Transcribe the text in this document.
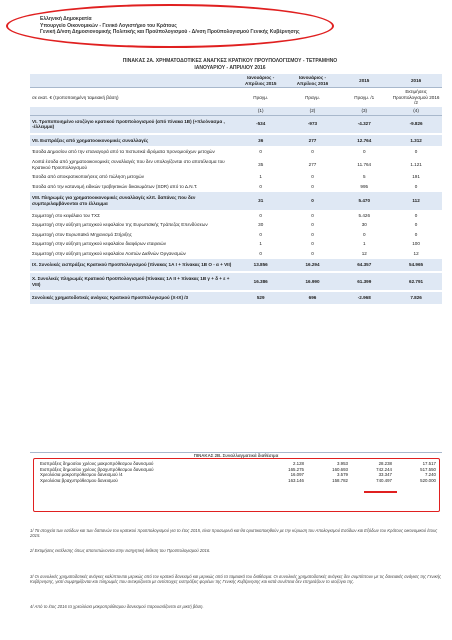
Ελληνική Δημοκρατία
Υπουργείο Οικονομικών - Γενικό Λογιστήριο του Κράτους
Γενική Δ/νση Δημοσιονομικής Πολιτικής και Προϋπολογισμού - Δ/νση Προϋπολογισμού Γενικής Κυβέρνησης
ΠΙΝΑΚΑΣ 2Α. ΧΡΗΜΑΤΟΔΟΤΙΚΕΣ ΑΝΑΓΚΕΣ ΚΡΑΤΙΚΟΥ ΠΡΟΥΠΟΛΟΓΙΣΜΟΥ - ΤΕΤΡΑΜΗΝΟ
ΙΑΝΟΥΑΡΙΟΥ - ΑΠΡΙΛΙΟΥ 2016
	Ιανουάριος - Απρίλιος 2015	Ιανουάριος - Απρίλιος 2016	2015	2016
σε εκατ. € (τροποποιημένη ταμειακή βάση)	Πραγμ.	Πραγμ.	Πραγμ. /1	Εκτιμήσεις Προϋπολογισμού 2016 /2
	(1)	(2)	(3)	(4)
VI. Τροποποιημένο ισοζύγιο κρατικού προϋπολογισμού (από πίνακα 1Β) (+πλεόνασμα , -έλλειμμα)	-534	-973	-4.327	-9.826

VII. Εισπράξεις από χρηματοοικονομικές συναλλαγές	36	277	12.764	1.312

Έσοδα Δημοσίου από την επαναγορά από τα πιστωτικά ιδρύματα προνομιούχων μετοχών	0	0	0	0

Λοιπά έσοδα από χρηματοοικονομικές συναλλαγές που δεν υπολογίζονται στο αποτέλεσμα του Κρατικού Προϋπολογισμού	35	277	11.764	1.121

Έσοδα από αποκρατικοποιήσεις από πώληση μετοχών	1	0	5	191

Έσοδα από την κατανομή ειδικών τραβηκτικών δικαιωμάτων (SDR) από το Δ.Ν.Τ.	0	0	995	0

VIII. Πληρωμές για χρηματοοικονομικές συναλλαγές κλπ. δαπάνες που δεν συμπεριλαμβάνονται στο έλλειμμα	31	0	5.470	112

Συμμετοχή στο κεφάλαιο του ΤΧΣ	0	0	5.426	0

Συμμετοχή στην αύξηση μετοχικού κεφαλαίου της Ευρωπαϊκής Τράπεζας Επενδύσεων	30	0	30	0

Συμμετοχή στον Ευρωπαϊκό Μηχανισμό Στήριξης	0	0	0	0

Συμμετοχή στην αύξηση μετοχικού κεφαλαίου διαφόρων εταιρειών	1	0	1	100

Συμμετοχή στην αύξηση μετοχικού κεφαλαίου Λοιπών Διεθνών Οργανισμών	0	0	12	12

IX. Συνολικές εισπράξεις Κρατικού Προϋπολογισμού (πίνακας 1Α Ι + πίνακας 1Β Ο - α + VII)	13.856	16.294	64.357	54.965

Χ. Συνολικές πληρωμές Κρατικού Προϋπολογισμού (πίνακας 1Α ΙΙ + πίνακας 1Β γ + δ + ε + VIII)	16.386	16.990	61.399	62.791

Συνολικές χρηματοδοτικές ανάγκες Κρατικού Προϋπολογισμού (Χ-ΙΧ) /3	529	696	-2.968	7.826

ΠΙΝΑΚΑΣ 2Β. Συναλλαγματικά διαθέσιμα
Εισπράξεις δημοσίου χρέους μακροπρόθεσμου δανεισμού	2.128	3.953	28.238	17.517
Εισπράξεις δημοσίου χρέους βραχυπρόθεσμου δανεισμού	165.275	160.693	742.244	517.550
Χρεολύσια μακροπρόθεσμου δανεισμού /4	16.097	3.579	33.347	7.240
Χρεολύσια βραχυπρόθεσμου δανεισμού	163.146	158.782	740.497	520.000
1/ Τα στοιχεία των εσόδων και των δαπανών του κρατικού προϋπολογισμού για το έτος 2015, είναι προσωρινά και θα οριστικοποιηθούν με την κύρωση του Απολογισμού Εσόδων και Εξόδων του Κράτους οικονομικού έτους 2015.
2/ Εκτιμήσεις εκτέλεσης όπως αποτυπώνονται στην εισηγητική έκθεση του Προϋπολογισμού 2016.
3/ Οι συνολικές χρηματοδοτικές ανάγκες καλύπτονται μερικώς από τον κρατικό δανεισμό και μερικώς από τα ταμειακά του διαθέσιμα. Οι συνολικές χρηματοδοτικές ανάγκες δεν συμπίπτουν με τις δανειακές ανάγκες της Γενικής Κυβέρνησης, γιατί συμψηφίζονται και πληρωμές που αντικρίζονται με αντίστοιχες εισπράξεις φορέων της Γενικής Κυβέρνησης και κατά συνέπεια δεν επηρεάζουν το ισοζύγιο της.
4/ Από το έτος 2016 τα χρεολύσια μακροπρόθεσμου δανεισμού παρουσιάζονται σε μικτή βάση.
